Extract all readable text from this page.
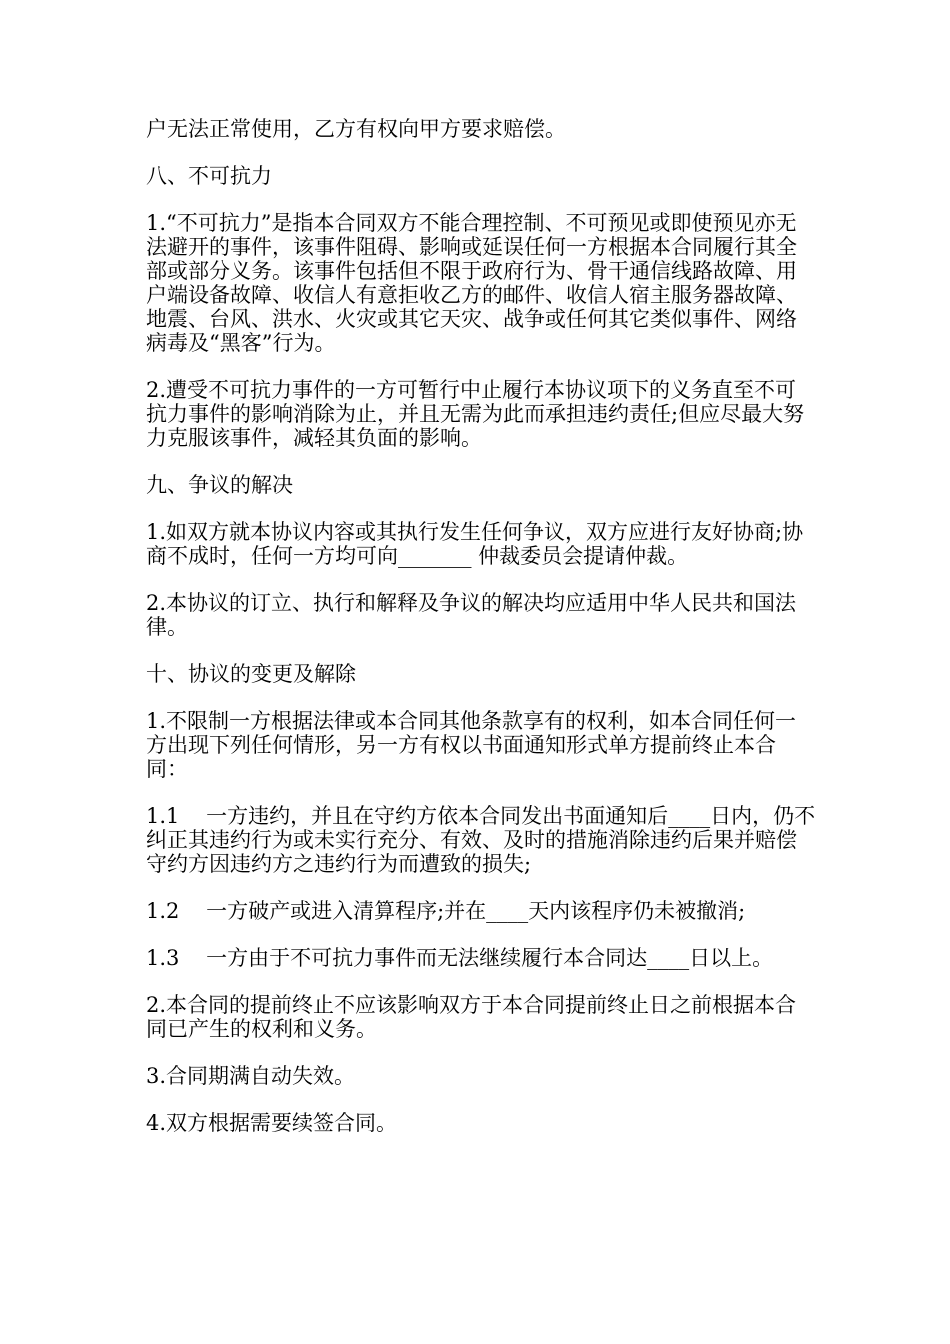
户无法正常使用，乙方有权向甲方要求赔偿。

八、不可抗力

1.“不可抗力”是指本合同双方不能合理控制、不可预见或即使预见亦无法避开的事件，该事件阻碍、影响或延误任何一方根据本合同履行其全部或部分义务。该事件包括但不限于政府行为、骨干通信线路故障、用户端设备故障、收信人有意拒收乙方的邮件、收信人宿主服务器故障、地震、台风、洪水、火灾或其它天灾、战争或任何其它类似事件、网络病毒及“黑客”行为。

2.遭受不可抗力事件的一方可暂行中止履行本协议项下的义务直至不可抗力事件的影响消除为止，并且无需为此而承担违约责任;但应尽最大努力克服该事件，减轻其负面的影响。

九、争议的解决

1.如双方就本协议内容或其执行发生任何争议，双方应进行友好协商;协商不成时，任何一方均可向_______ 仲裁委员会提请仲裁。

2.本协议的订立、执行和解释及争议的解决均应适用中华人民共和国法律。

十、协议的变更及解除

1.不限制一方根据法律或本合同其他条款享有的权利，如本合同任何一方出现下列任何情形，另一方有权以书面通知形式单方提前终止本合同：

1.1    一方违约，并且在守约方依本合同发出书面通知后____日内，仍不纠正其违约行为或未实行充分、有效、及时的措施消除违约后果并赔偿守约方因违约方之违约行为而遭致的损失;

1.2    一方破产或进入清算程序;并在____天内该程序仍未被撤消;

1.3    一方由于不可抗力事件而无法继续履行本合同达____日以上。

2.本合同的提前终止不应该影响双方于本合同提前终止日之前根据本合同已产生的权利和义务。

3.合同期满自动失效。

4.双方根据需要续签合同。
